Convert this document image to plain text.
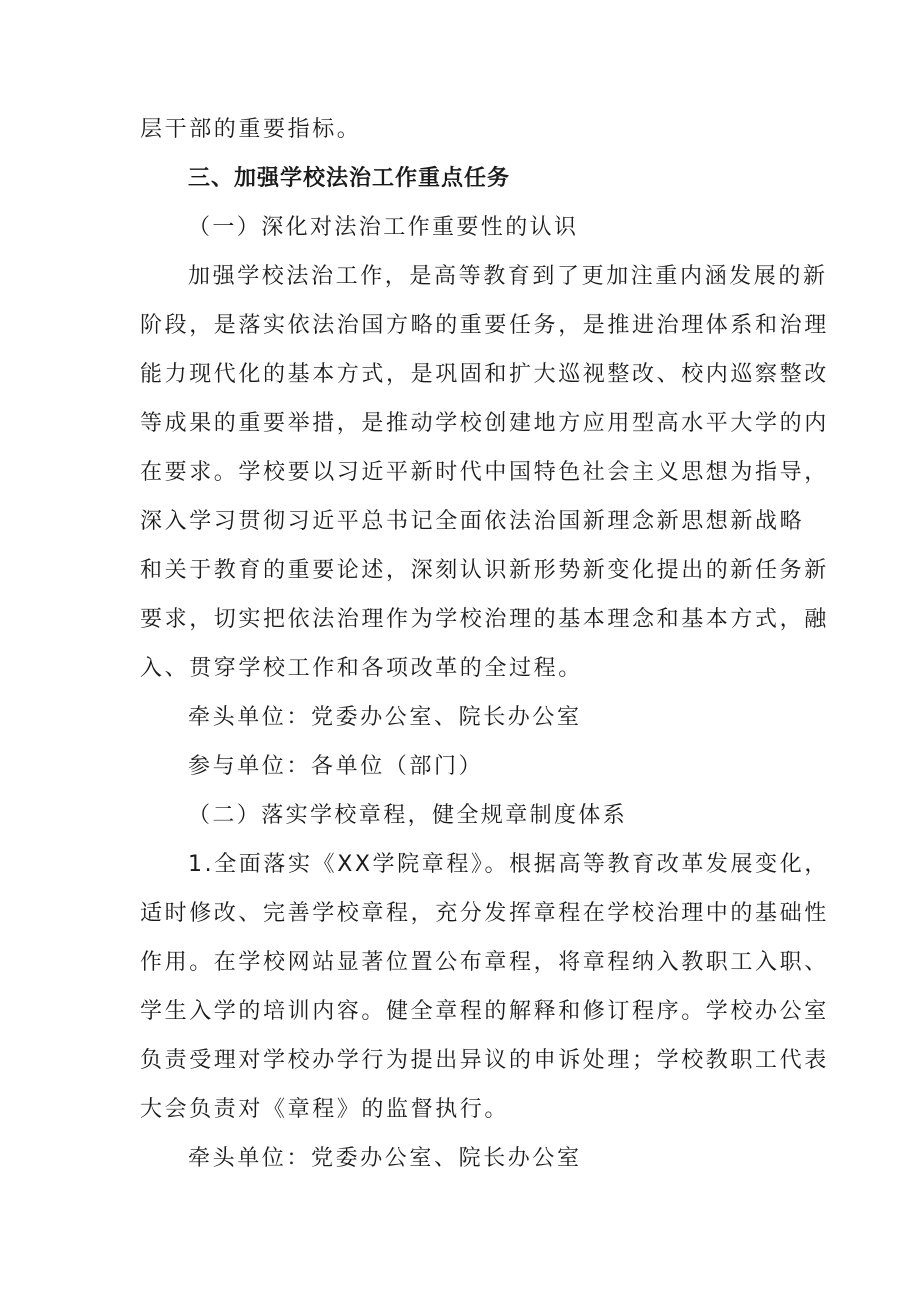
层干部的重要指标。
三、加强学校法治工作重点任务
（一）深化对法治工作重要性的认识
加强学校法治工作，是高等教育到了更加注重内涵发展的新
阶段，是落实依法治国方略的重要任务，是推进治理体系和治理
能力现代化的基本方式，是巩固和扩大巡视整改、校内巡察整改
等成果的重要举措，是推动学校创建地方应用型高水平大学的内
在要求。学校要以习近平新时代中国特色社会主义思想为指导，
深入学习贯彻习近平总书记全面依法治国新理念新思想新战略
和关于教育的重要论述，深刻认识新形势新变化提出的新任务新
要求，切实把依法治理作为学校治理的基本理念和基本方式，融
入、贯穿学校工作和各项改革的全过程。
牵头单位：党委办公室、院长办公室
参与单位：各单位（部门）
（二）落实学校章程，健全规章制度体系
1.全面落实《XX学院章程》。根据高等教育改革发展变化，
适时修改、完善学校章程，充分发挥章程在学校治理中的基础性
作用。在学校网站显著位置公布章程，将章程纳入教职工入职、
学生入学的培训内容。健全章程的解释和修订程序。学校办公室
负责受理对学校办学行为提出异议的申诉处理；学校教职工代表
大会负责对《章程》的监督执行。
牵头单位：党委办公室、院长办公室
